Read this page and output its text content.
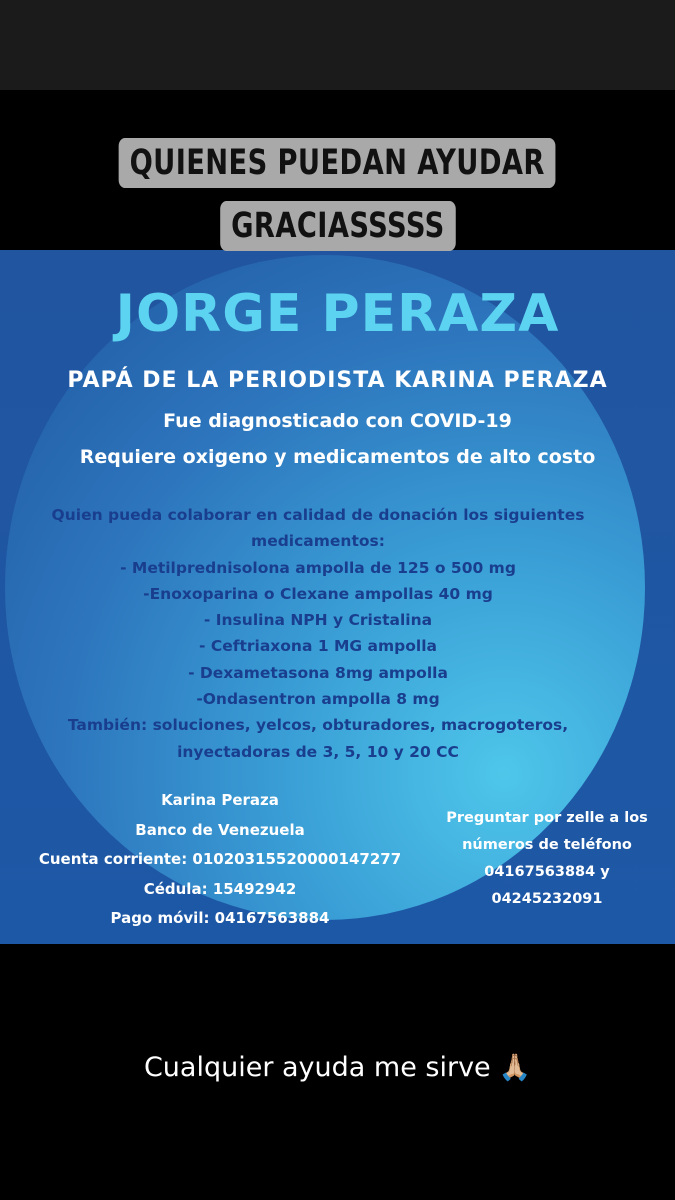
QUIENES PUEDAN AYUDAR
GRACIASSSSS
JORGE PERAZA
PAPÁ DE LA PERIODISTA KARINA PERAZA
Fue diagnosticado con COVID-19
Requiere oxigeno y medicamentos de alto costo
Quien pueda colaborar en calidad de donación los siguientes
medicamentos:
- Metilprednisolona ampolla de 125 o 500 mg
-Enoxoparina o Clexane ampollas 40 mg
- Insulina NPH y Cristalina
- Ceftriaxona 1 MG ampolla
- Dexametasona 8mg ampolla
-Ondasentron ampolla 8 mg
También: soluciones, yelcos, obturadores, macrogoteros,
inyectadoras de 3, 5, 10 y 20 CC
Karina Peraza
Banco de Venezuela
Cuenta corriente: 01020315520000147277
Cédula: 15492942
Pago móvil: 04167563884
Preguntar por zelle a los
números de teléfono
04167563884 y
04245232091
Cualquier ayuda me sirve 🙏🏼
